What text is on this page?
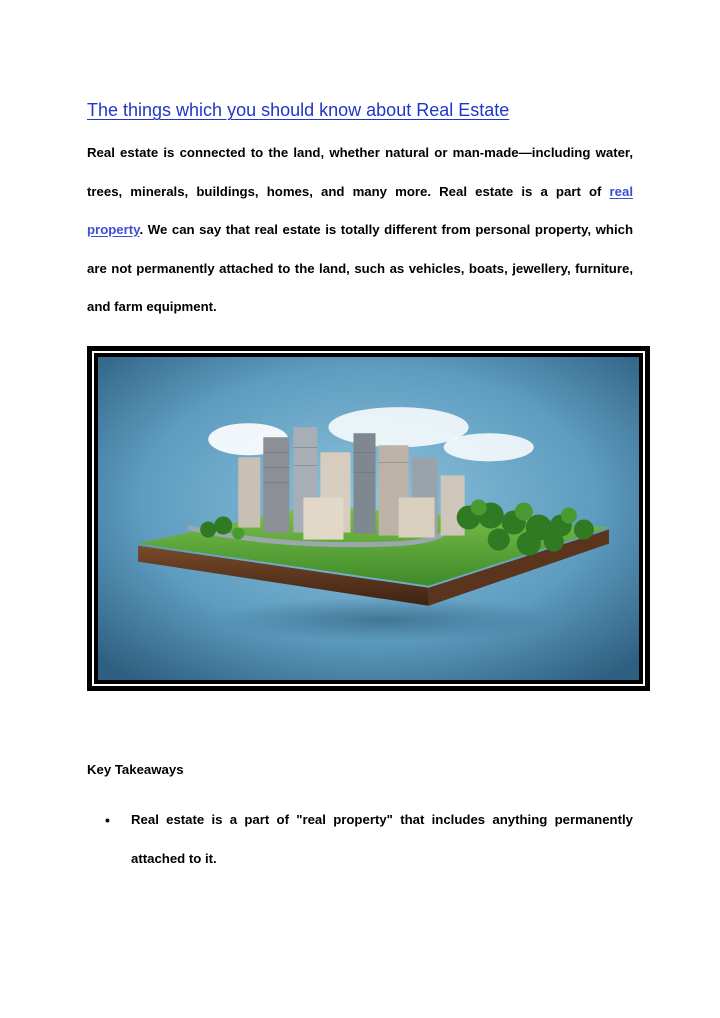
The things which you should know about Real Estate

Real estate is connected to the land, whether natural or man-made—including water, trees, minerals, buildings, homes, and many more. Real estate is a part of real property. We can say that real estate is totally different from personal property, which are not permanently attached to the land, such as vehicles, boats, jewellery, furniture, and farm equipment.

Key Takeaways
• Real estate is a part of "real property" that includes anything permanently attached to it.
